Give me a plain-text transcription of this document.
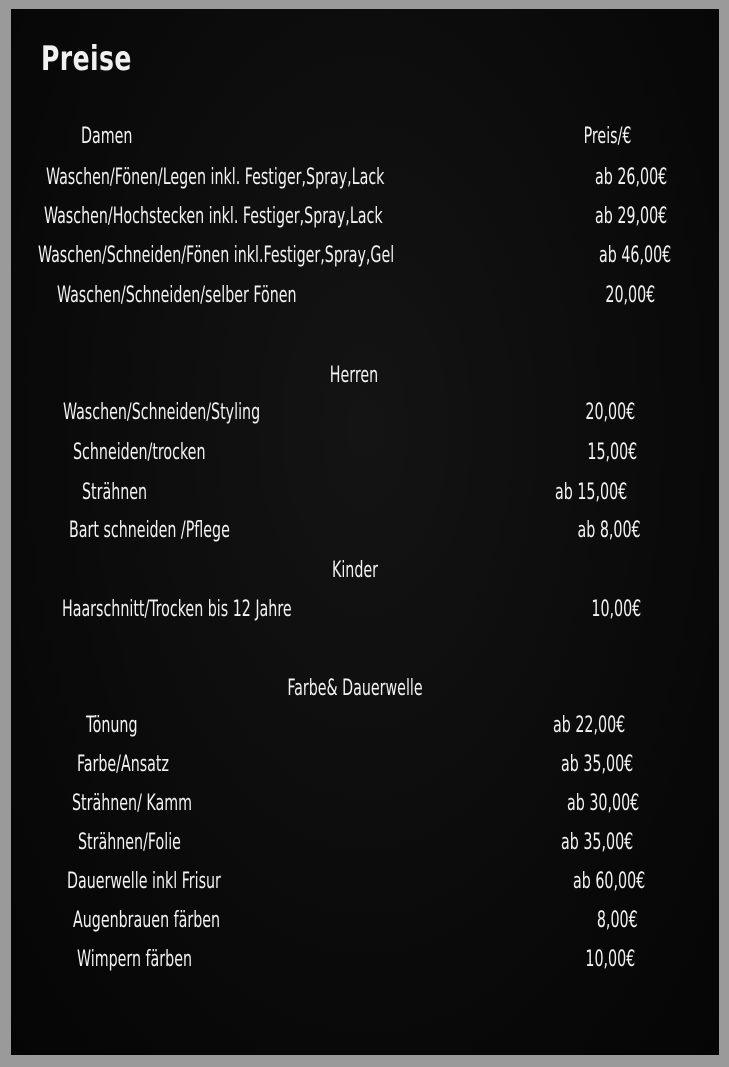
Preise
Damen	Preis/€
Waschen/Fönen/Legen inkl. Festiger,Spray,Lack	ab 26,00€
Waschen/Hochstecken inkl. Festiger,Spray,Lack	ab 29,00€
Waschen/Schneiden/Fönen inkl.Festiger,Spray,Gel	ab 46,00€
Waschen/Schneiden/selber Fönen	20,00€
Herren
Waschen/Schneiden/Styling	20,00€
Schneiden/trocken	15,00€
Strähnen	ab 15,00€
Bart schneiden /Pflege	ab 8,00€
Kinder
Haarschnitt/Trocken bis 12 Jahre	10,00€
Farbe& Dauerwelle
Tönung	ab 22,00€
Farbe/Ansatz	ab 35,00€
Strähnen/ Kamm	ab 30,00€
Strähnen/Folie	ab 35,00€
Dauerwelle inkl Frisur	ab 60,00€
Augenbrauen färben	8,00€
Wimpern färben	10,00€
